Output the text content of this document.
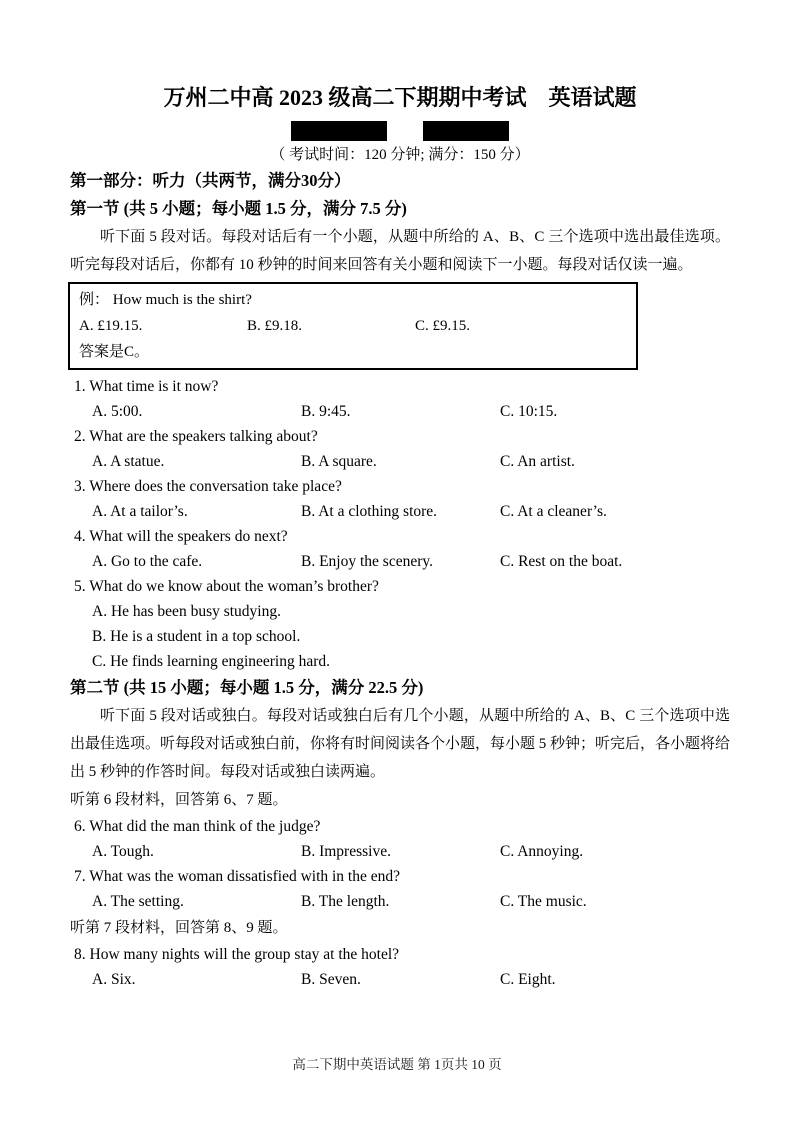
万州二中高 2023 级高二下期期中考试　英语试题
（ 考试时间：120 分钟; 满分：150 分）
第一部分：听力（共两节，满分30分）
第一节 (共 5 小题；每小题 1.5 分，满分 7.5 分)

听下面 5 段对话。每段对话后有一个小题，从题中所给的 A、B、C 三个选项中选出最佳选项。听完每段对话后，你都有 10 秒钟的时间来回答有关小题和阅读下一小题。每段对话仅读一遍。

例： How much is the shirt?
A. £19.15.	B. £9.18.	C. £9.15.
答案是C。
1. What time is it now?
A. 5:00.	B. 9:45.	C. 10:15.
2. What are the speakers talking about?
A. A statue.	B. A square.	C. An artist.
3. Where does the conversation take place?
A. At a tailor’s.	B. At a clothing store.	C. At a cleaner’s.
4. What will the speakers do next?
A. Go to the cafe.	B. Enjoy the scenery.	C. Rest on the boat.
5. What do we know about the woman’s brother?
A. He has been busy studying.
B. He is a student in a top school.
C. He finds learning engineering hard.
第二节 (共 15 小题；每小题 1.5 分，满分 22.5 分)

听下面 5 段对话或独白。每段对话或独白后有几个小题，从题中所给的 A、B、C 三个选项中选出最佳选项。听每段对话或独白前，你将有时间阅读各个小题，每小题 5 秒钟；听完后，各小题将给出 5 秒钟的作答时间。每段对话或独白读两遍。

听第 6 段材料，回答第 6、7 题。
6. What did the man think of the judge?
A. Tough.	B. Impressive.	C. Annoying.
7. What was the woman dissatisfied with in the end?
A. The setting.	B. The length.	C. The music.
听第 7 段材料，回答第 8、9 题。
8. How many nights will the group stay at the hotel?
A. Six.	B. Seven.	C. Eight.
高二下期中英语试题 第 1页共 10 页
